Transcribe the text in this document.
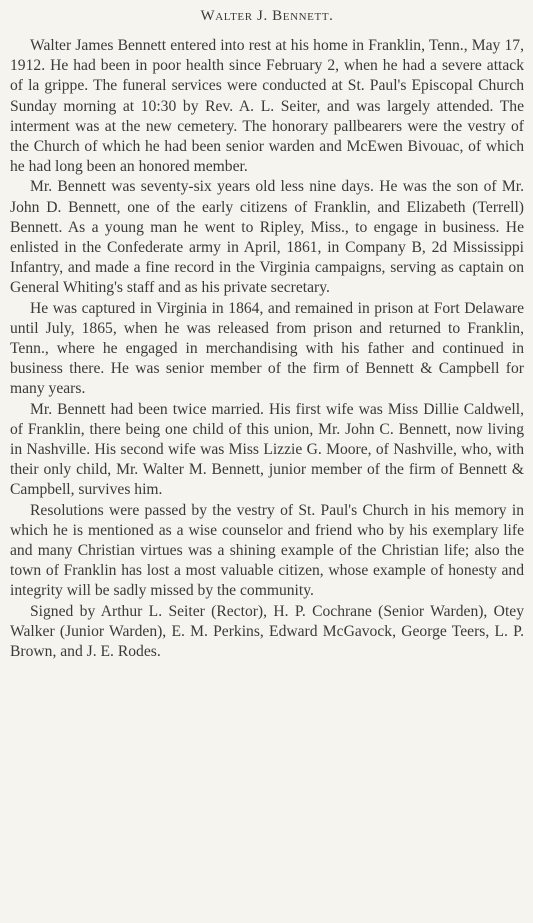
Walter J. Bennett.

Walter James Bennett entered into rest at his home in Franklin, Tenn., May 17, 1912. He had been in poor health since February 2, when he had a severe attack of la grippe. The funeral services were conducted at St. Paul's Episcopal Church Sunday morning at 10:30 by Rev. A. L. Seiter, and was largely attended. The interment was at the new cemetery. The honorary pallbearers were the vestry of the Church of which he had been senior warden and McEwen Bivouac, of which he had long been an honored member.

Mr. Bennett was seventy-six years old less nine days. He was the son of Mr. John D. Bennett, one of the early citizens of Franklin, and Elizabeth (Terrell) Bennett. As a young man he went to Ripley, Miss., to engage in business. He enlisted in the Confederate army in April, 1861, in Company B, 2d Mississippi Infantry, and made a fine record in the Virginia campaigns, serving as captain on General Whiting's staff and as his private secretary.

He was captured in Virginia in 1864, and remained in prison at Fort Delaware until July, 1865, when he was released from prison and returned to Franklin, Tenn., where he engaged in merchandising with his father and continued in business there. He was senior member of the firm of Bennett & Campbell for many years.

Mr. Bennett had been twice married. His first wife was Miss Dillie Caldwell, of Franklin, there being one child of this union, Mr. John C. Bennett, now living in Nashville. His second wife was Miss Lizzie G. Moore, of Nashville, who, with their only child, Mr. Walter M. Bennett, junior member of the firm of Bennett & Campbell, survives him.

Resolutions were passed by the vestry of St. Paul's Church in his memory in which he is mentioned as a wise counselor and friend who by his exemplary life and many Christian virtues was a shining example of the Christian life; also the town of Franklin has lost a most valuable citizen, whose example of honesty and integrity will be sadly missed by the community.

Signed by Arthur L. Seiter (Rector), H. P. Cochrane (Senior Warden), Otey Walker (Junior Warden), E. M. Perkins, Edward McGavock, George Teers, L. P. Brown, and J. E. Rodes.
